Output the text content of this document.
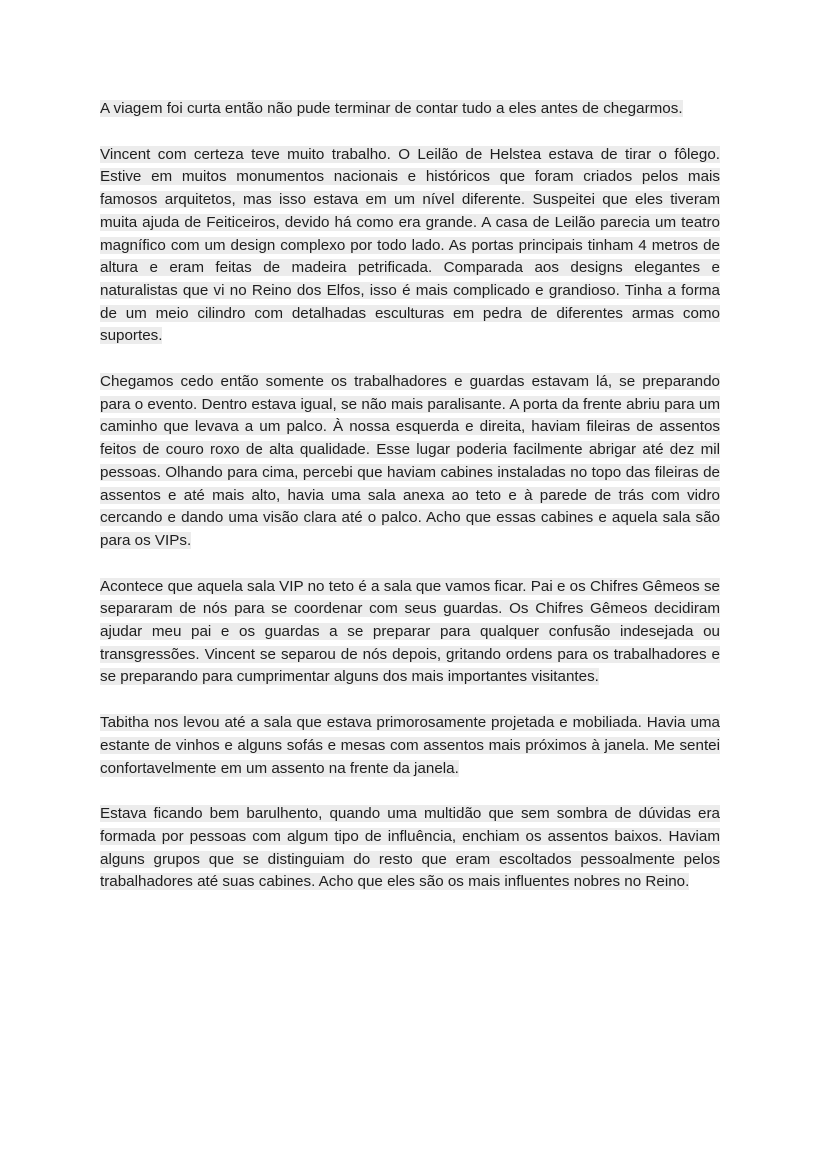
A viagem foi curta então não pude terminar de contar tudo a eles antes de chegarmos.

Vincent com certeza teve muito trabalho. O Leilão de Helstea estava de tirar o fôlego. Estive em muitos monumentos nacionais e históricos que foram criados pelos mais famosos arquitetos, mas isso estava em um nível diferente. Suspeitei que eles tiveram muita ajuda de Feiticeiros, devido há como era grande. A casa de Leilão parecia um teatro magnífico com um design complexo por todo lado. As portas principais tinham 4 metros de altura e eram feitas de madeira petrificada. Comparada aos designs elegantes e naturalistas que vi no Reino dos Elfos, isso é mais complicado e grandioso. Tinha a forma de um meio cilindro com detalhadas esculturas em pedra de diferentes armas como suportes.

Chegamos cedo então somente os trabalhadores e guardas estavam lá, se preparando para o evento. Dentro estava igual, se não mais paralisante. A porta da frente abriu para um caminho que levava a um palco. À nossa esquerda e direita, haviam fileiras de assentos feitos de couro roxo de alta qualidade. Esse lugar poderia facilmente abrigar até dez mil pessoas. Olhando para cima, percebi que haviam cabines instaladas no topo das fileiras de assentos e até mais alto, havia uma sala anexa ao teto e à parede de trás com vidro cercando e dando uma visão clara até o palco. Acho que essas cabines e aquela sala são para os VIPs.

Acontece que aquela sala VIP no teto é a sala que vamos ficar. Pai e os Chifres Gêmeos se separaram de nós para se coordenar com seus guardas. Os Chifres Gêmeos decidiram ajudar meu pai e os guardas a se preparar para qualquer confusão indesejada ou transgressões. Vincent se separou de nós depois, gritando ordens para os trabalhadores e se preparando para cumprimentar alguns dos mais importantes visitantes.

Tabitha nos levou até a sala que estava primorosamente projetada e mobiliada. Havia uma estante de vinhos e alguns sofás e mesas com assentos mais próximos à janela. Me sentei confortavelmente em um assento na frente da janela.

Estava ficando bem barulhento, quando uma multidão que sem sombra de dúvidas era formada por pessoas com algum tipo de influência, enchiam os assentos baixos. Haviam alguns grupos que se distinguiam do resto que eram escoltados pessoalmente pelos trabalhadores até suas cabines. Acho que eles são os mais influentes nobres no Reino.
